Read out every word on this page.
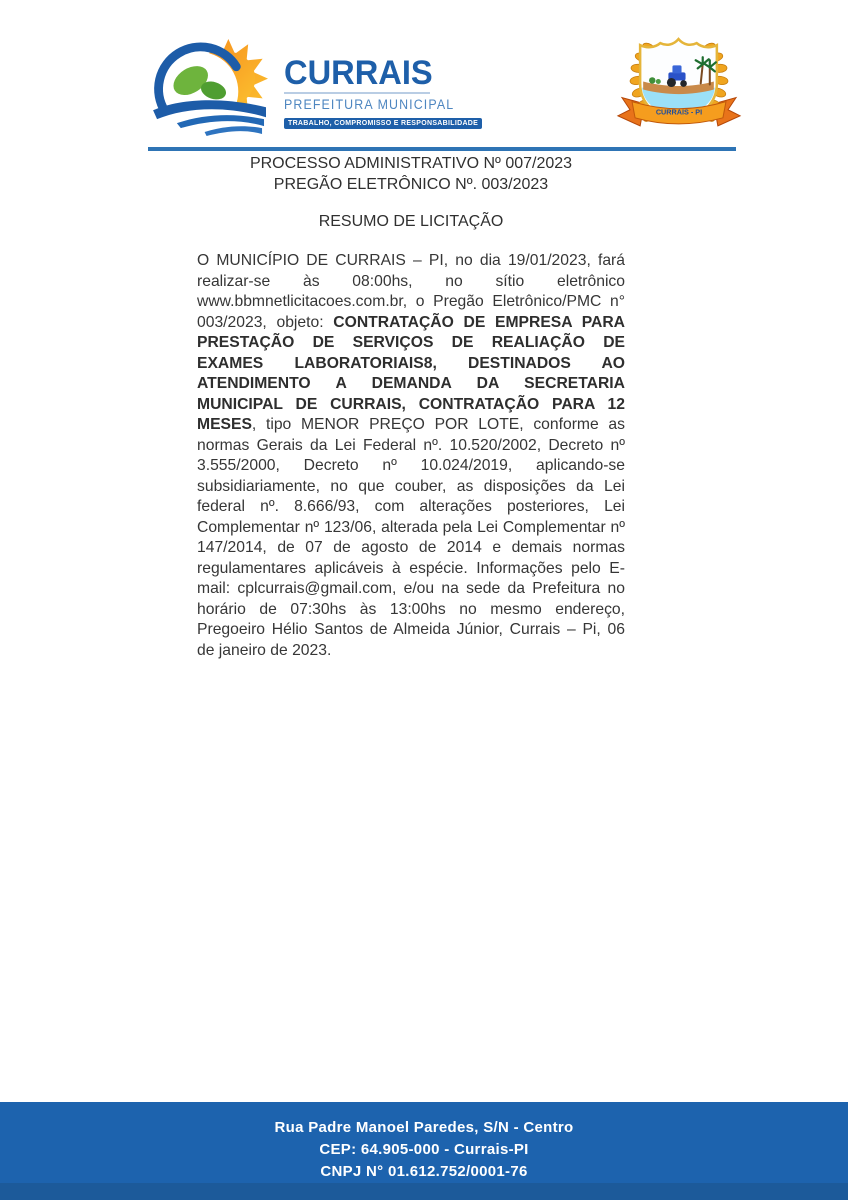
CURRAIS
PREFEITURA MUNICIPAL
TRABALHO, COMPROMISSO E RESPONSABILIDADE
CURRAIS - PI
PROCESSO ADMINISTRATIVO Nº 007/2023
PREGÃO ELETRÔNICO Nº. 003/2023
RESUMO DE LICITAÇÃO

O MUNICÍPIO DE CURRAIS – PI, no dia 19/01/2023, fará realizar-se às 08:00hs, no sítio eletrônico www.bbmnetlicitacoes.com.br, o Pregão Eletrônico/PMC n° 003/2023, objeto: CONTRATAÇÃO DE EMPRESA PARA PRESTAÇÃO DE SERVIÇOS DE REALIAÇÃO DE EXAMES LABORATORIAIS8, DESTINADOS AO ATENDIMENTO A DEMANDA DA SECRETARIA MUNICIPAL DE CURRAIS, CONTRATAÇÃO PARA 12 MESES, tipo MENOR PREÇO POR LOTE, conforme as normas Gerais da Lei Federal nº. 10.520/2002, Decreto nº 3.555/2000, Decreto nº 10.024/2019, aplicando-se subsidiariamente, no que couber, as disposições da Lei federal nº. 8.666/93, com alterações posteriores, Lei Complementar nº 123/06, alterada pela Lei Complementar nº 147/2014, de 07 de agosto de 2014 e demais normas regulamentares aplicáveis à espécie. Informações pelo E-mail: cplcurrais@gmail.com, e/ou na sede da Prefeitura no horário de 07:30hs às 13:00hs no mesmo endereço, Pregoeiro Hélio Santos de Almeida Júnior, Currais – Pi, 06 de janeiro de 2023.

Rua Padre Manoel Paredes, S/N - Centro
CEP: 64.905-000 - Currais-PI
CNPJ N° 01.612.752/0001-76
